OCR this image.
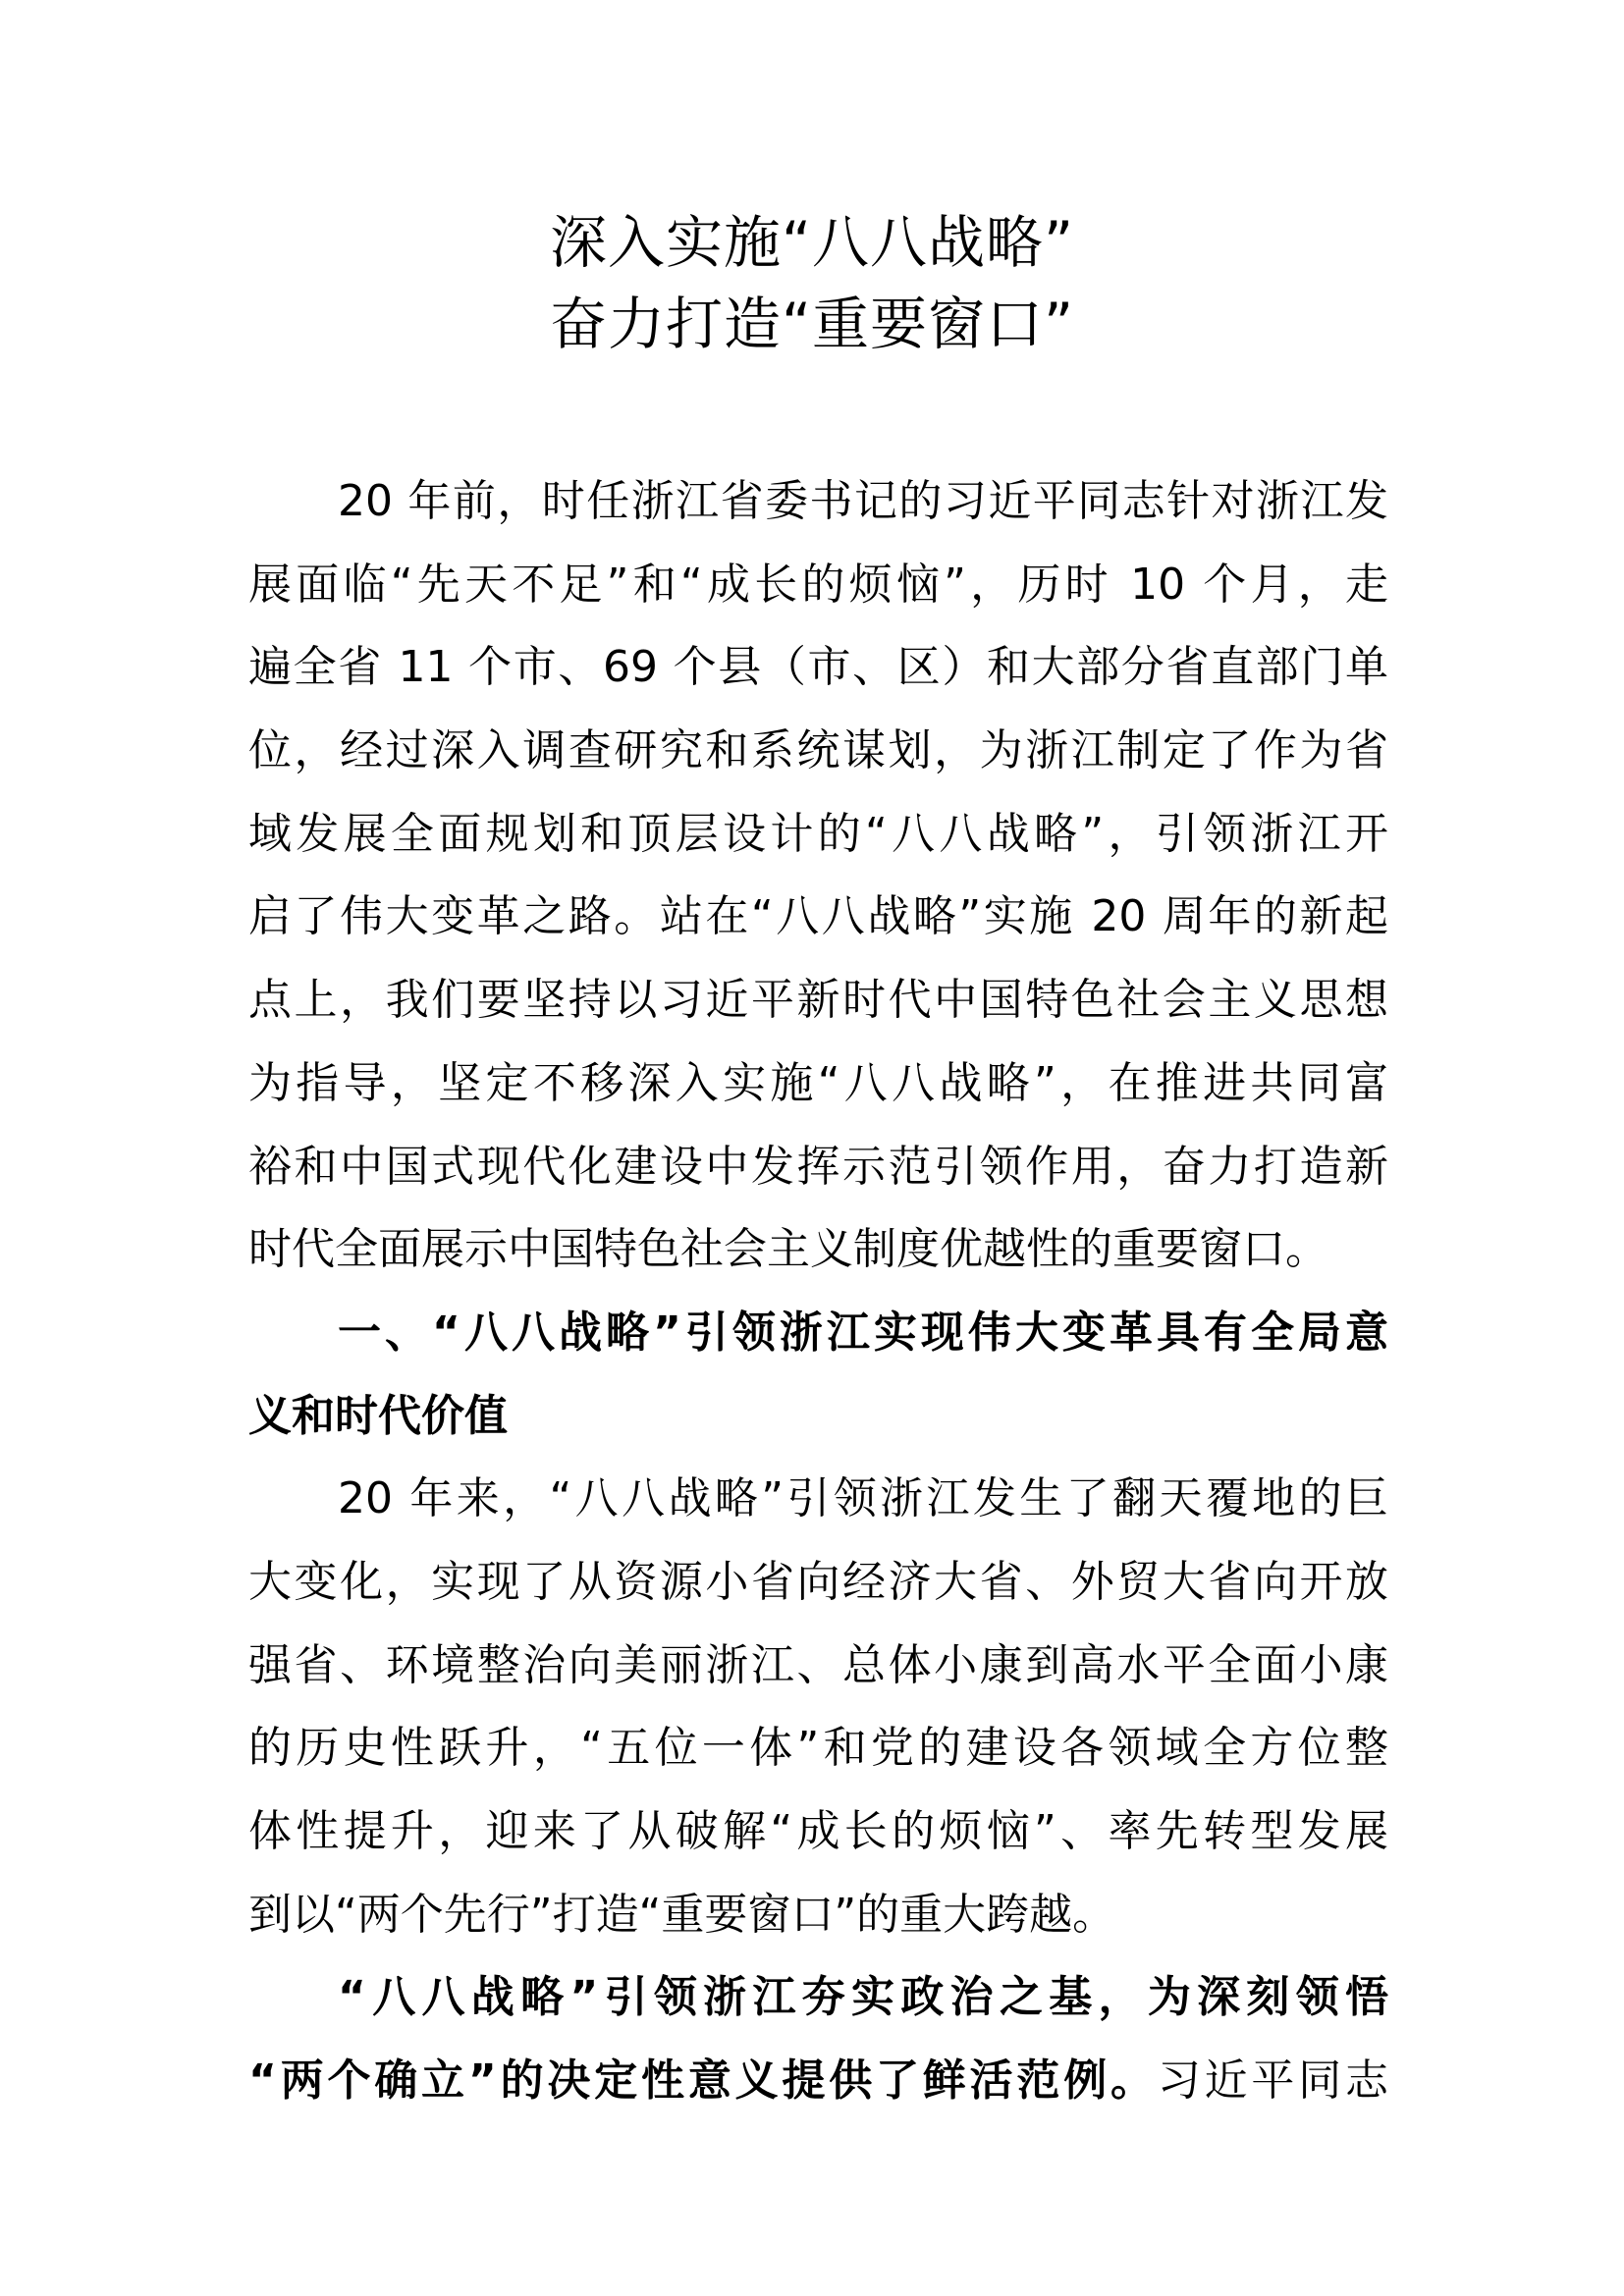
深入实施“八八战略”
奋力打造“重要窗口”
20 年前，时任浙江省委书记的习近平同志针对浙江发
展面临“先天不足”和“成长的烦恼”，历时 10 个月，走
遍全省 11 个市、69 个县（市、区）和大部分省直部门单
位，经过深入调查研究和系统谋划，为浙江制定了作为省
域发展全面规划和顶层设计的“八八战略”，引领浙江开
启了伟大变革之路。站在“八八战略”实施 20 周年的新起
点上，我们要坚持以习近平新时代中国特色社会主义思想
为指导，坚定不移深入实施“八八战略”，在推进共同富
裕和中国式现代化建设中发挥示范引领作用，奋力打造新
时代全面展示中国特色社会主义制度优越性的重要窗口。
一、“八八战略”引领浙江实现伟大变革具有全局意
义和时代价值
20 年来，“八八战略”引领浙江发生了翻天覆地的巨
大变化，实现了从资源小省向经济大省、外贸大省向开放
强省、环境整治向美丽浙江、总体小康到高水平全面小康
的历史性跃升，“五位一体”和党的建设各领域全方位整
体性提升，迎来了从破解“成长的烦恼”、率先转型发展
到以“两个先行”打造“重要窗口”的重大跨越。
“八八战略”引领浙江夯实政治之基，为深刻领悟
“两个确立”的决定性意义提供了鲜活范例。习近平同志
